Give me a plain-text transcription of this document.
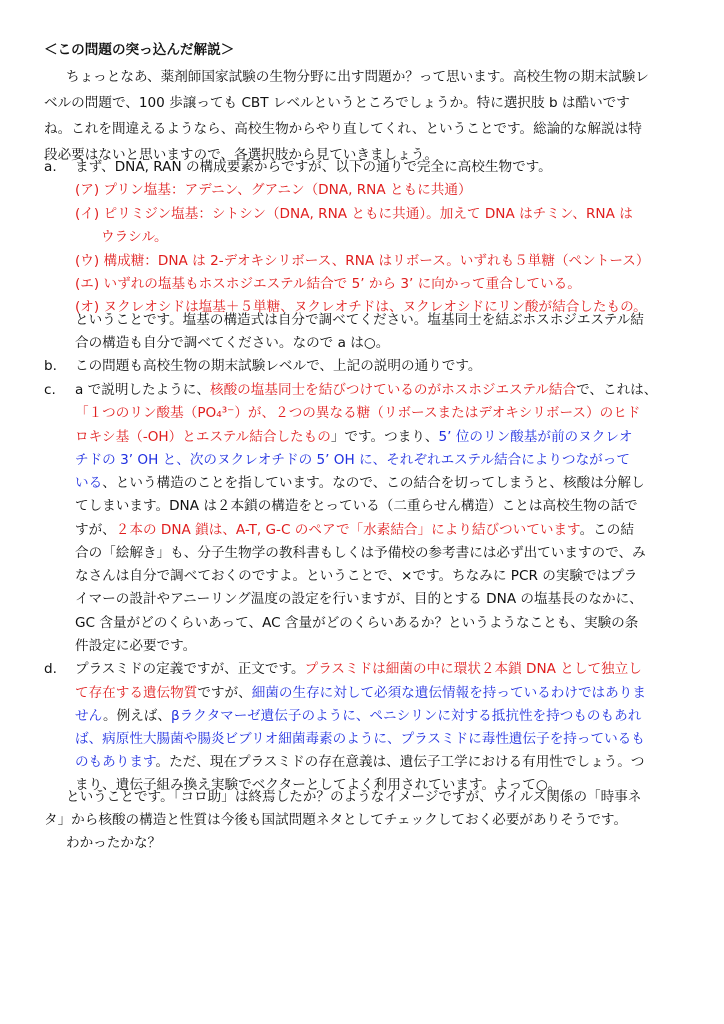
＜この問題の突っ込んだ解説＞
ちょっとなあ、薬剤師国家試験の生物分野に出す問題か？って思います。高校生物の期末試験レ
ベルの問題で、100 歩譲っても CBT レベルというところでしょうか。特に選択肢 b は酷いです
ね。これを間違えるようなら、高校生物からやり直してくれ、ということです。総論的な解説は特
段必要はないと思いますので、各選択肢から見ていきましょう。
a. まず、DNA, RAN の構成要素からですが、以下の通りで完全に高校生物です。
(ア) プリン塩基：アデニン、グアニン（DNA, RNA ともに共通）
(イ) ピリミジン塩基：シトシン（DNA, RNA ともに共通）。加えて DNA はチミン、RNA は
ウラシル。
(ウ) 構成糖：DNA は 2-デオキシリボース、RNA はリボース。いずれも５単糖（ペントース）
(エ) いずれの塩基もホスホジエステル結合で 5’ から 3’ に向かって重合している。
(オ) ヌクレオシドは塩基＋５単糖、ヌクレオチドは、ヌクレオシドにリン酸が結合したもの。
ということです。塩基の構造式は自分で調べてください。塩基同士を結ぶホスホジエステル結
合の構造も自分で調べてください。なので a は○。
b. この問題も高校生物の期末試験レベルで、上記の説明の通りです。
c. a で説明したように、核酸の塩基同士を結びつけているのがホスホジエステル結合で、これは、
「１つのリン酸基（PO₄³⁻）が、２つの異なる糖（リボースまたはデオキシリボース）のヒド
ロキシ基（-OH）とエステル結合したもの」です。つまり、5’ 位のリン酸基が前のヌクレオ
チドの 3’ OH と、次のヌクレオチドの 5’ OH に、それぞれエステル結合によりつながって
いる、という構造のことを指しています。なので、この結合を切ってしまうと、核酸は分解し
てしまいます。DNA は２本鎖の構造をとっている（二重らせん構造）ことは高校生物の話で
すが、２本の DNA 鎖は、A-T, G-C のペアで「水素結合」により結びついています。この結
合の「絵解き」も、分子生物学の教科書もしくは予備校の参考書には必ず出ていますので、み
なさんは自分で調べておくのですよ。ということで、×です。ちなみに PCR の実験ではプラ
イマーの設計やアニーリング温度の設定を行いますが、目的とする DNA の塩基長のなかに、
GC 含量がどのくらいあって、AC 含量がどのくらいあるか？というようなことも、実験の条
件設定に必要です。
d. プラスミドの定義ですが、正文です。プラスミドは細菌の中に環状２本鎖 DNA として独立し
て存在する遺伝物質ですが、細菌の生存に対して必須な遺伝情報を持っているわけではありま
せん。例えば、βラクタマーゼ遺伝子のように、ペニシリンに対する抵抗性を持つものもあれ
ば、病原性大腸菌や腸炎ビブリオ細菌毒素のように、プラスミドに毒性遺伝子を持っているも
のもあります。ただ、現在プラスミドの存在意義は、遺伝子工学における有用性でしょう。つ
まり、遺伝子組み換え実験でベクターとしてよく利用されています。よって○。
ということです。「コロ助」は終焉したか？のようなイメージですが、ウイルス関係の「時事ネ
タ」から核酸の構造と性質は今後も国試問題ネタとしてチェックしておく必要がありそうです。
わかったかな？
